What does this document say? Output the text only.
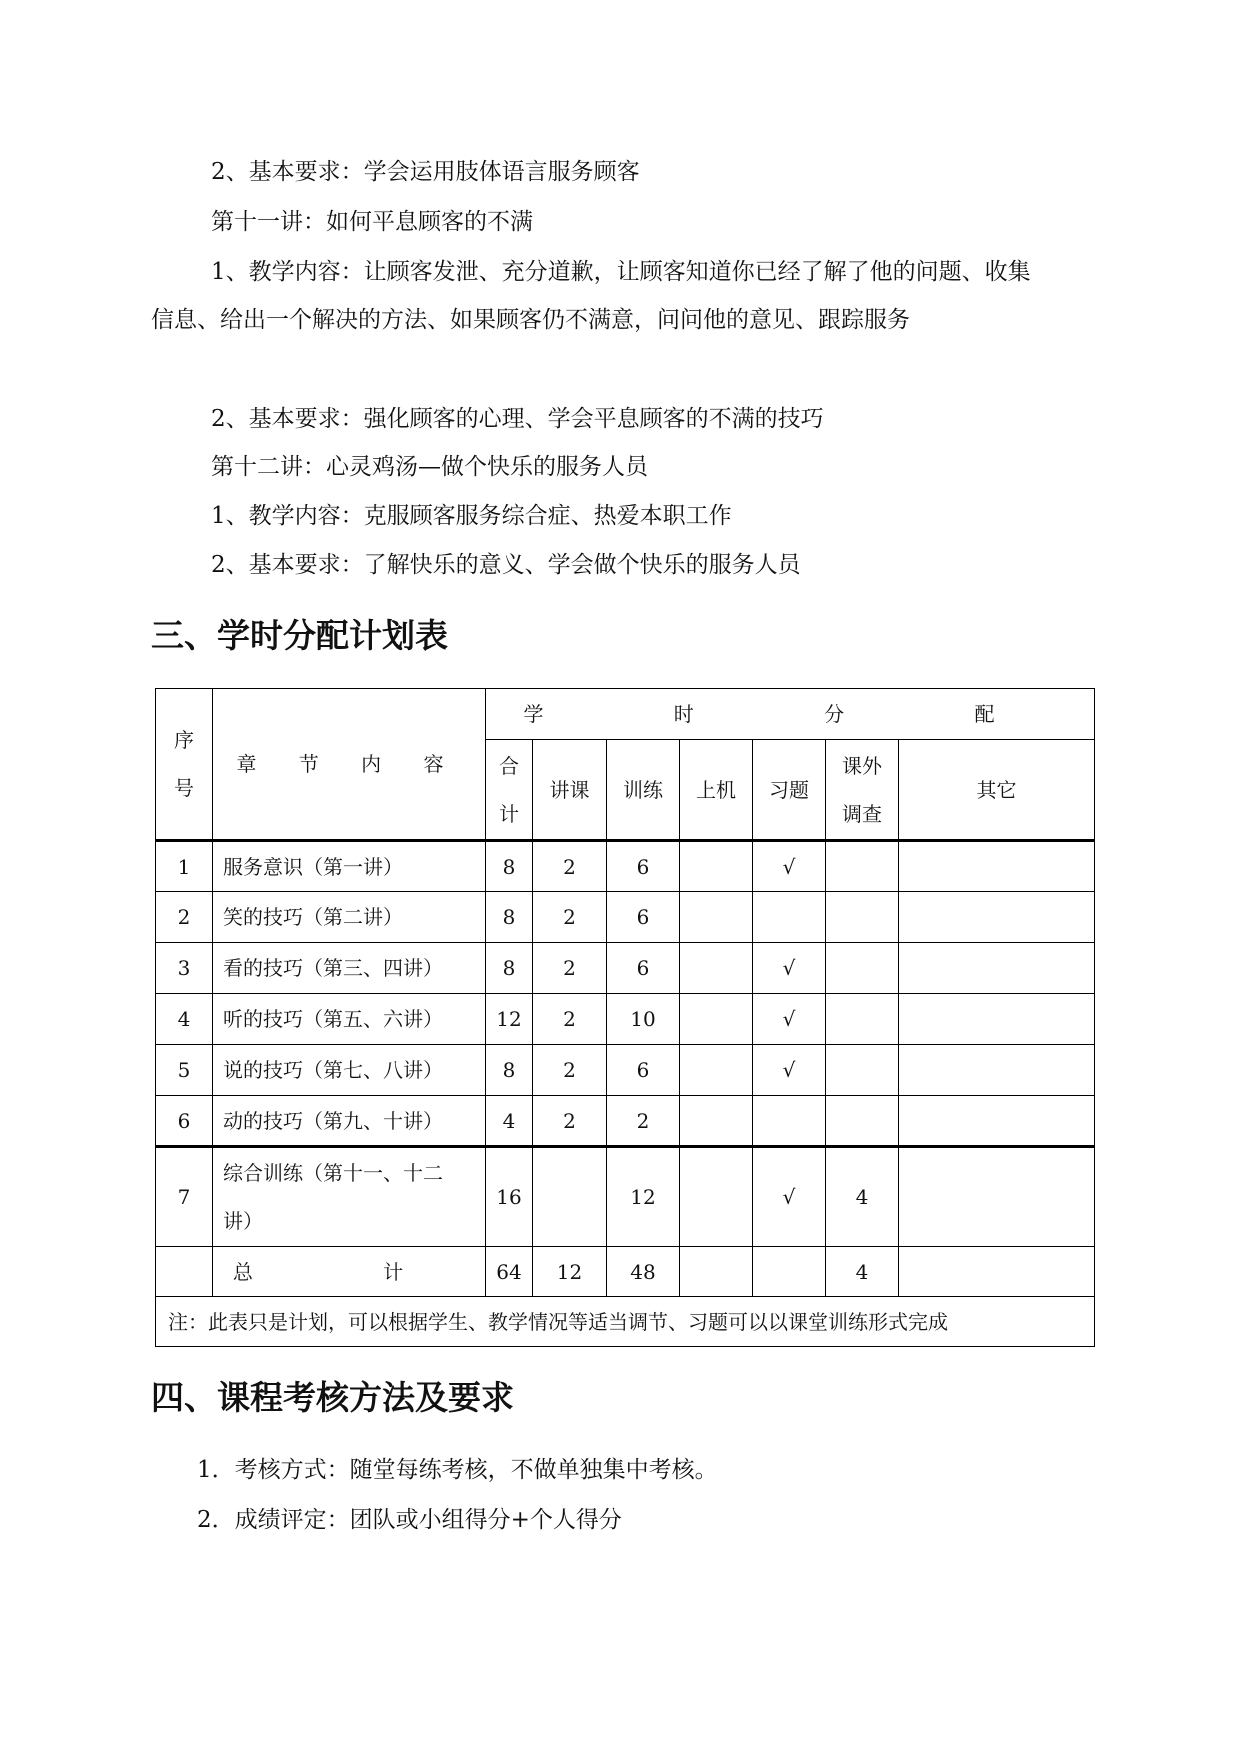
2、基本要求：学会运用肢体语言服务顾客
第十一讲：如何平息顾客的不满
1、教学内容：让顾客发泄、充分道歉，让顾客知道你已经了解了他的问题、收集
信息、给出一个解决的方法、如果顾客仍不满意，问问他的意见、跟踪服务
2、基本要求：强化顾客的心理、学会平息顾客的不满的技巧
第十二讲：心灵鸡汤—做个快乐的服务人员
1、教学内容：克服顾客服务综合症、热爱本职工作
2、基本要求：了解快乐的意义、学会做个快乐的服务人员
三、学时分配计划表
序号	章 节 内 容	学 时 分 配						

		合计	讲课	训练	上机	习题	课外调查	其它
1	服务意识（第一讲）	8	2	6		√		
2	笑的技巧（第二讲）	8	2	6				
3	看的技巧（第三、四讲）	8	2	6		√		
4	听的技巧（第五、六讲）	12	2	10		√		
5	说的技巧（第七、八讲）	8	2	6		√		
6	动的技巧（第九、十讲）	4	2	2				
7	综合训练（第十一、十二讲）	16		12		√	4	
	总 计	64	12	48			4	
注：此表只是计划，可以根据学生、教学情况等适当调节、习题可以以课堂训练形式完成								
四、课程考核方法及要求
1．考核方式：随堂每练考核，不做单独集中考核。
2．成绩评定：团队或小组得分+个人得分
